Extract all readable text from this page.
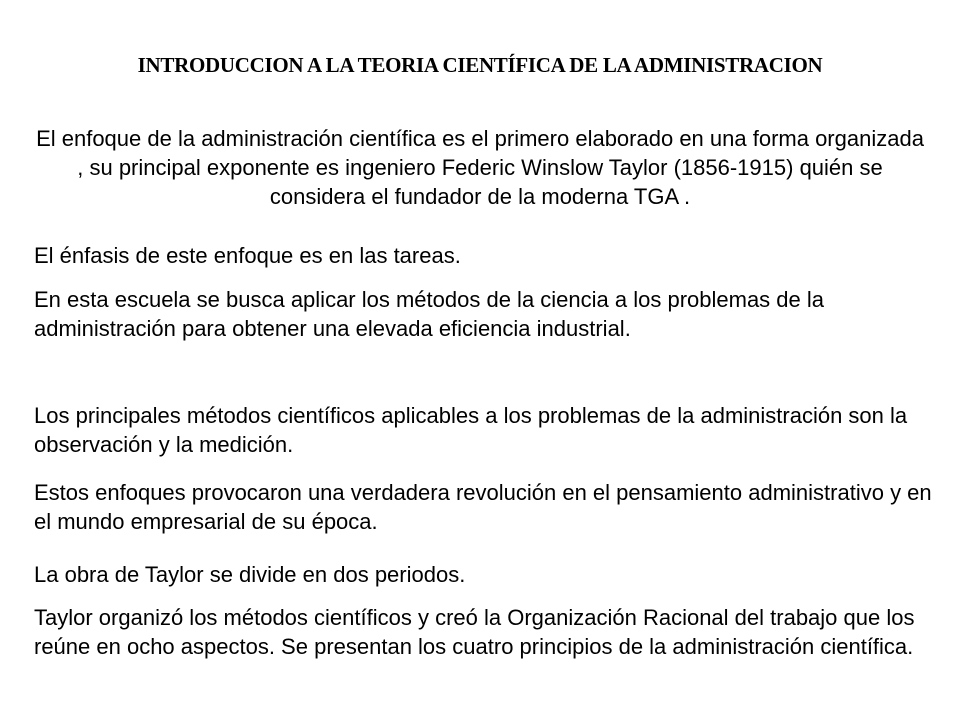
INTRODUCCION A LA TEORIA CIENTÍFICA DE LA ADMINISTRACION
El enfoque de la administración científica es el primero elaborado en una forma organizada , su principal exponente es ingeniero Federic Winslow Taylor (1856-1915) quién se considera el fundador de la moderna TGA .
El énfasis de este enfoque es en las tareas.
En esta escuela se busca aplicar los métodos de la ciencia a los problemas de la administración para obtener una elevada eficiencia industrial.
Los principales métodos científicos aplicables a los problemas de la administración son la observación y la medición.
Estos enfoques provocaron una verdadera revolución en el pensamiento administrativo y en el mundo empresarial de su época.
La obra de Taylor se divide en dos periodos.
Taylor organizó los métodos científicos y creó la Organización Racional del trabajo que los reúne en ocho aspectos. Se presentan los cuatro principios de la administración científica.
